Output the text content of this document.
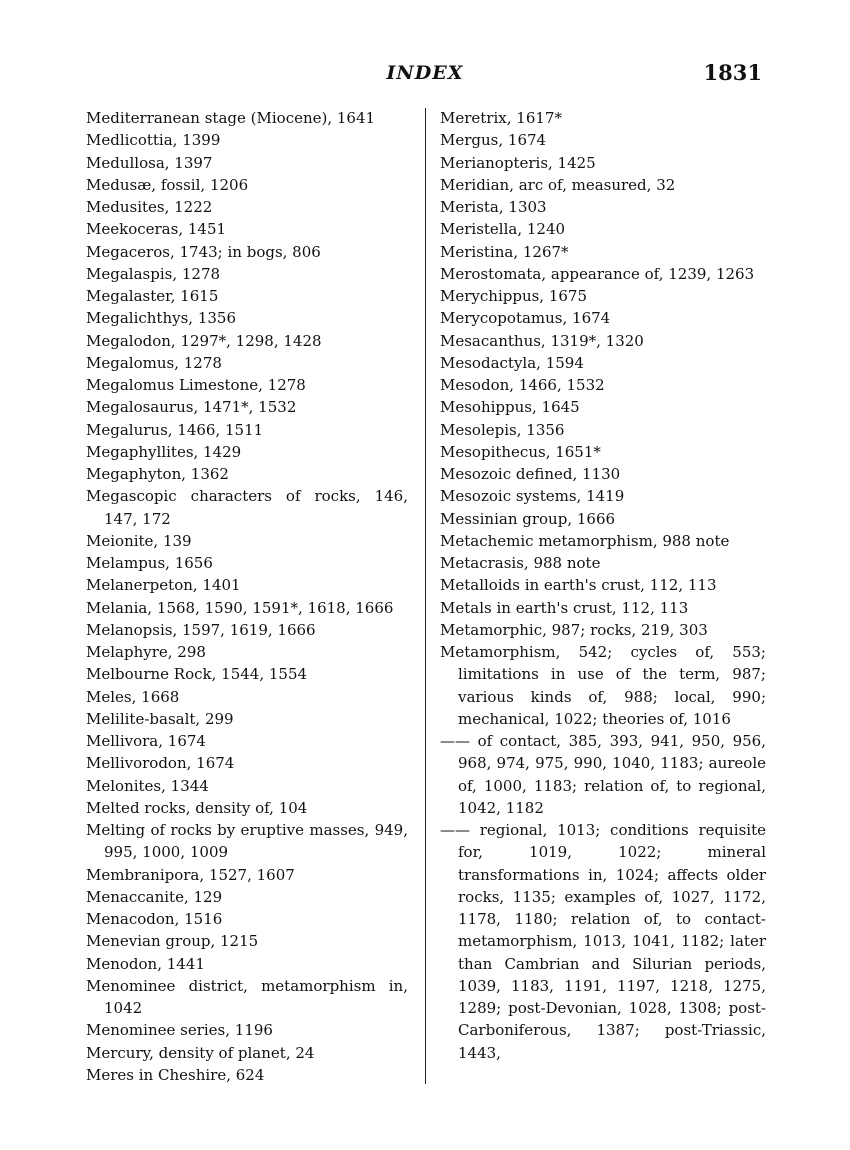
INDEX	1831
Mediterranean stage (Miocene), 1641
Medlicottia, 1399
Medullosa, 1397
Medusæ, fossil, 1206
Medusites, 1222
Meekoceras, 1451
Megaceros, 1743; in bogs, 806
Megalaspis, 1278
Megalaster, 1615
Megalichthys, 1356
Megalodon, 1297*, 1298, 1428
Megalomus, 1278
Megalomus Limestone, 1278
Megalosaurus, 1471*, 1532
Megalurus, 1466, 1511
Megaphyllites, 1429
Megaphyton, 1362
Megascopic characters of rocks, 146, 147, 172
Meionite, 139
Melampus, 1656
Melanerpeton, 1401
Melania, 1568, 1590, 1591*, 1618, 1666
Melanopsis, 1597, 1619, 1666
Melaphyre, 298
Melbourne Rock, 1544, 1554
Meles, 1668
Melilite-basalt, 299
Mellivora, 1674
Mellivorodon, 1674
Melonites, 1344
Melted rocks, density of, 104
Melting of rocks by eruptive masses, 949, 995, 1000, 1009
Membranipora, 1527, 1607
Menaccanite, 129
Menacodon, 1516
Menevian group, 1215
Menodon, 1441
Menominee district, metamorphism in, 1042
Menominee series, 1196
Mercury, density of planet, 24
Meres in Cheshire, 624
Meretrix, 1617*
Mergus, 1674
Merianopteris, 1425
Meridian, arc of, measured, 32
Merista, 1303
Meristella, 1240
Meristina, 1267*
Merostomata, appearance of, 1239, 1263
Merychippus, 1675
Merycopotamus, 1674
Mesacanthus, 1319*, 1320
Mesodactyla, 1594
Mesodon, 1466, 1532
Mesohippus, 1645
Mesolepis, 1356
Mesopithecus, 1651*
Mesozoic defined, 1130
Mesozoic systems, 1419
Messinian group, 1666
Metachemic metamorphism, 988 note
Metacrasis, 988 note
Metalloids in earth's crust, 112, 113
Metals in earth's crust, 112, 113
Metamorphic, 987; rocks, 219, 303
Metamorphism, 542; cycles of, 553; limitations in use of the term, 987; various kinds of, 988; local, 990; mechanical, 1022; theories of, 1016
—— of contact, 385, 393, 941, 950, 956, 968, 974, 975, 990, 1040, 1183; aureole of, 1000, 1183; relation of, to regional, 1042, 1182
—— regional, 1013; conditions requisite for, 1019, 1022; mineral transformations in, 1024; affects older rocks, 1135; examples of, 1027, 1172, 1178, 1180; relation of, to contact-metamorphism, 1013, 1041, 1182; later than Cambrian and Silurian periods, 1039, 1183, 1191, 1197, 1218, 1275, 1289; post-Devonian, 1028, 1308; post-Carboniferous, 1387; post-Triassic, 1443,
